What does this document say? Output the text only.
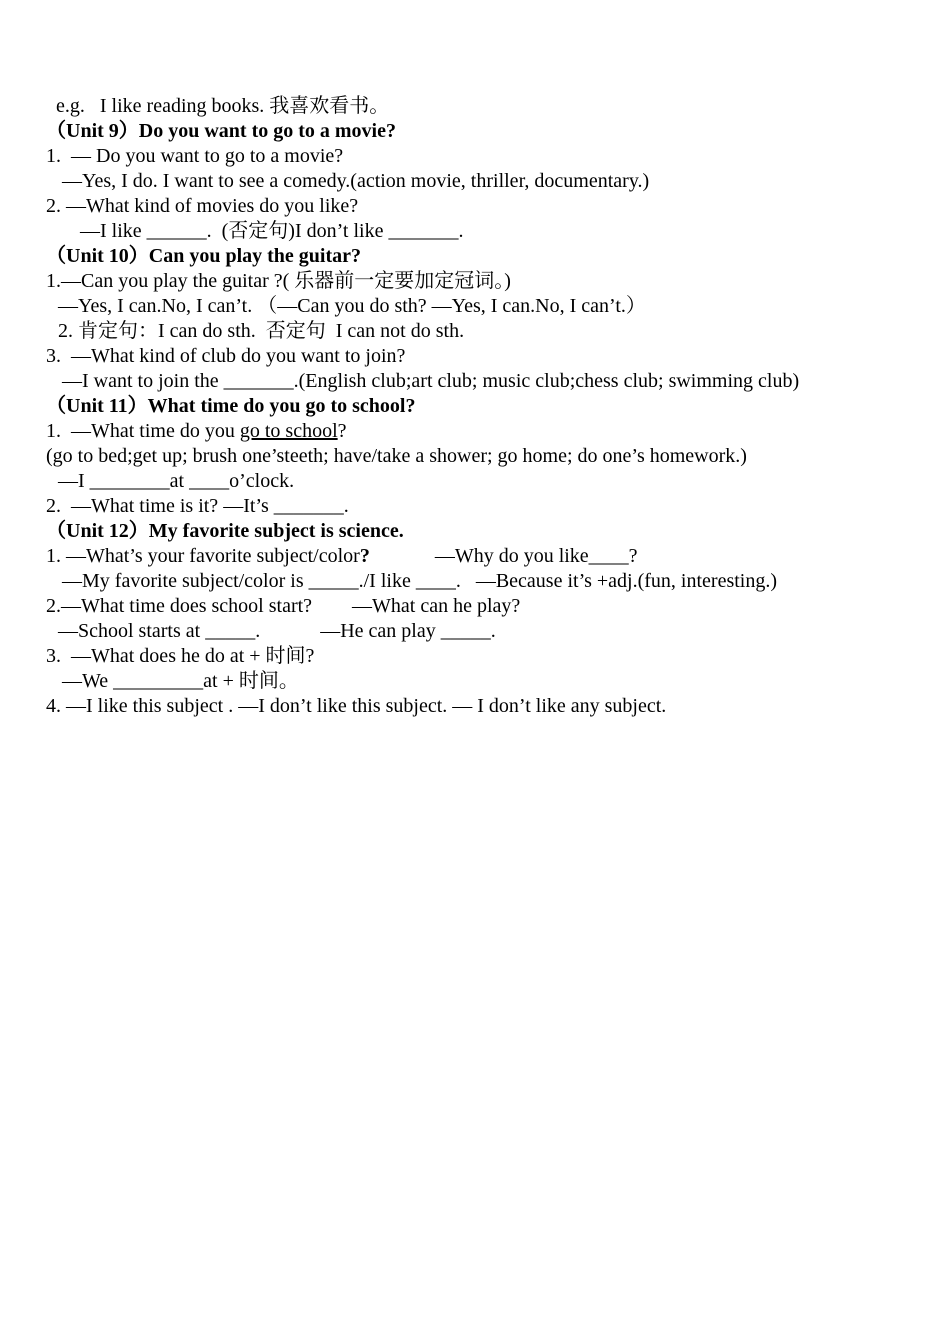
e.g.   I like reading books. 我喜欢看书。
（Unit 9）Do you want to go to a movie?
1.  — Do you want to go to a movie?
—Yes, I do. I want to see a comedy.(action movie, thriller, documentary.)
2. —What kind of movies do you like?
—I like ______.  (否定句)I don’t like _______.
（Unit 10）Can you play the guitar?
1.—Can you play the guitar ?( 乐器前一定要加定冠词。)
—Yes, I can.No, I can’t. （—Can you do sth? —Yes, I can.No, I can’t.）
2. 肯定句：I can do sth.  否定句  I can not do sth.
3.  —What kind of club do you want to join?
—I want to join the _______.(English club;art club; music club;chess club; swimming club)
（Unit 11）What time do you go to school?
1.  —What time do you go to school?
(go to bed;get up; brush one’steeth; have/take a shower; go home; do one’s homework.)
—I ________at ____o’clock.
2.  —What time is it? —It’s _______.
（Unit 12）My favorite subject is science.
1. —What’s your favorite subject/color?             —Why do you like____?
—My favorite subject/color is _____./I like ____.   —Because it’s +adj.(fun, interesting.)
2.—What time does school start?        —What can he play?
—School starts at _____.            —He can play _____.
3.  —What does he do at + 时间?
—We _________at + 时间。
4. —I like this subject . —I don’t like this subject. — I don’t like any subject.
